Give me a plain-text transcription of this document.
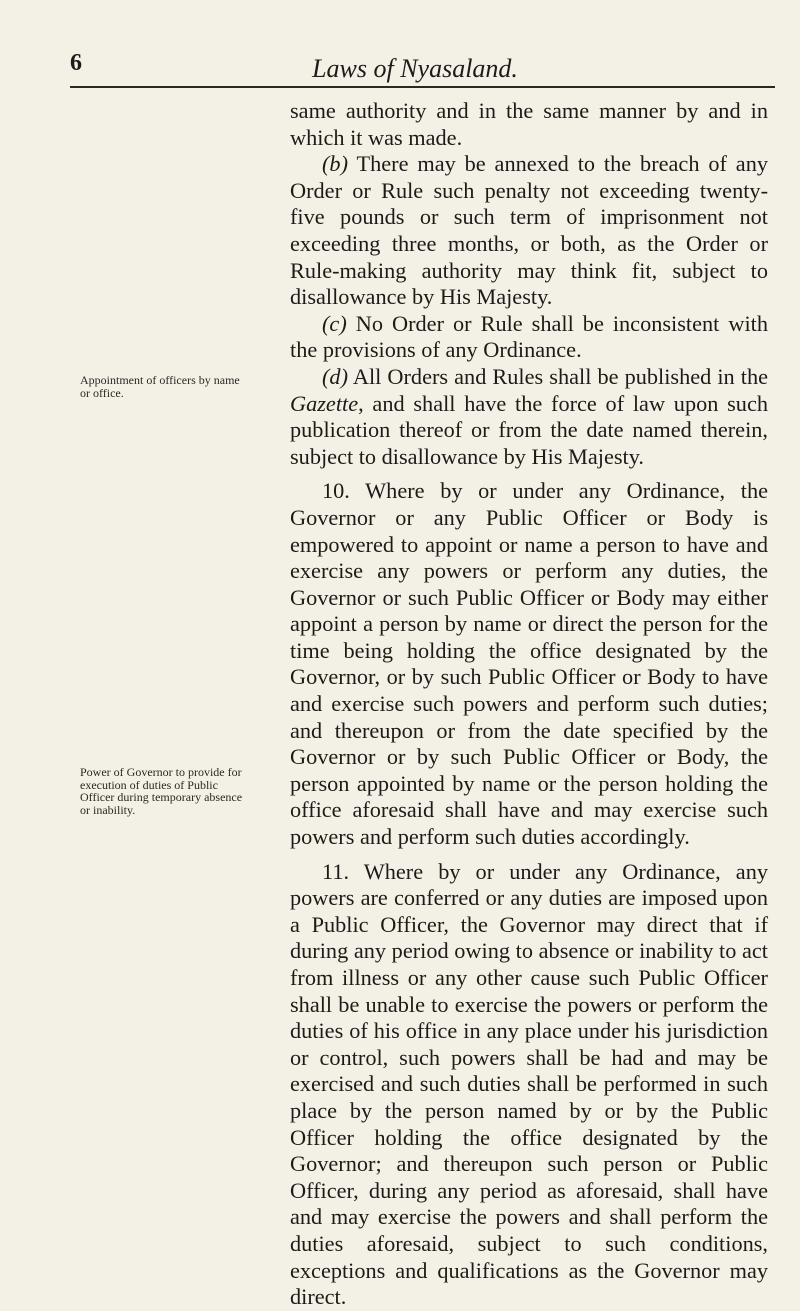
6	Laws of Nyasaland.
Appointment of officers by name or office.
Power of Governor to provide for execution of duties of Public Officer during temporary absence or inability.

same authority and in the same manner by and in which it was made.

(b) There may be annexed to the breach of any Order or Rule such penalty not exceeding twenty-five pounds or such term of imprisonment not exceeding three months, or both, as the Order or Rule-making authority may think fit, subject to disallowance by His Majesty.

(c) No Order or Rule shall be inconsistent with the provisions of any Ordinance.

(d) All Orders and Rules shall be published in the Gazette, and shall have the force of law upon such publication thereof or from the date named therein, subject to disallowance by His Majesty.

10. Where by or under any Ordinance, the Governor or any Public Officer or Body is empowered to appoint or name a person to have and exercise any powers or perform any duties, the Governor or such Public Officer or Body may either appoint a person by name or direct the person for the time being holding the office designated by the Governor, or by such Public Officer or Body to have and exercise such powers and perform such duties; and thereupon or from the date specified by the Governor or by such Public Officer or Body, the person appointed by name or the person holding the office aforesaid shall have and may exercise such powers and perform such duties accordingly.

11. Where by or under any Ordinance, any powers are conferred or any duties are imposed upon a Public Officer, the Governor may direct that if during any period owing to absence or inability to act from illness or any other cause such Public Officer shall be unable to exercise the powers or perform the duties of his office in any place under his jurisdiction or control, such powers shall be had and may be exercised and such duties shall be performed in such place by the person named by or by the Public Officer holding the office designated by the Governor; and thereupon such person or Public Officer, during any period as aforesaid, shall have and may exercise the powers and shall perform the duties aforesaid, subject to such conditions, exceptions and qualifications as the Governor may direct.
